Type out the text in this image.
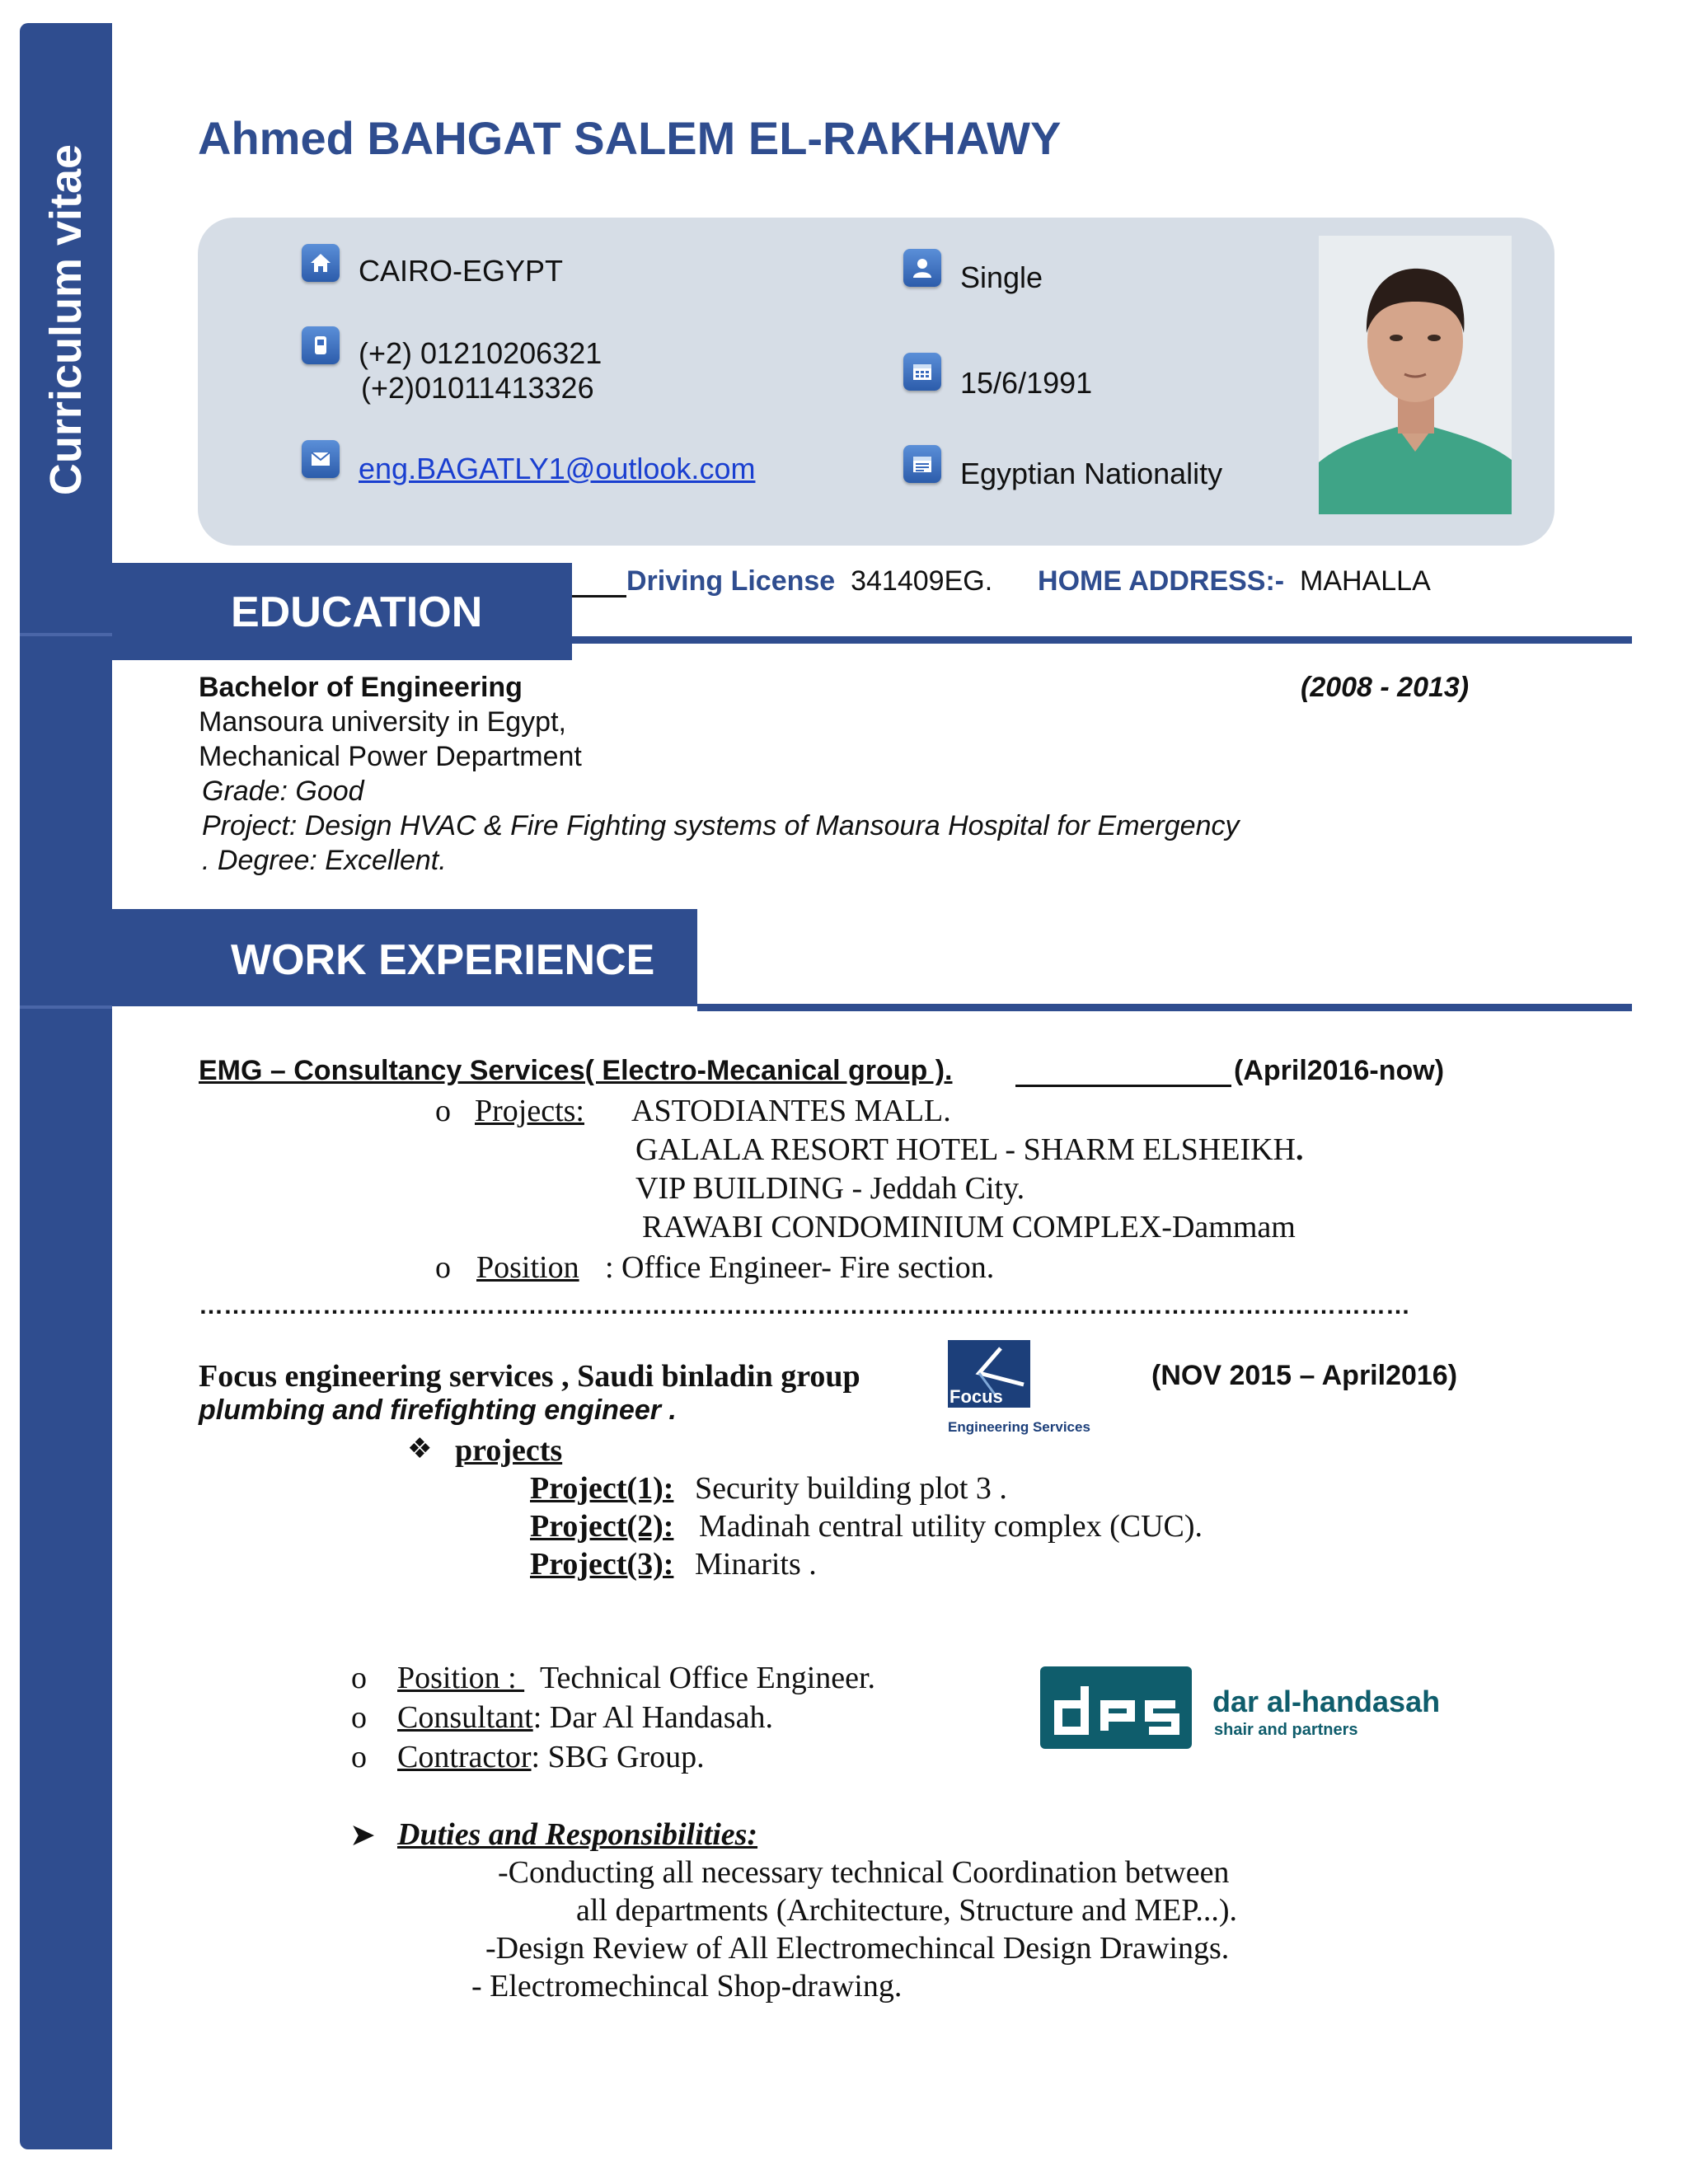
Curriculum vitae
Ahmed BAHGAT SALEM EL-RAKHAWY
CAIRO-EGYPT
(+2) 01210206321
(+2)01011413326
eng.BAGATLY1@outlook.com
Single
15/6/1991
Egyptian Nationality
EDUCATION
Driving License 341409EG. HOME ADDRESS:- MAHALLA
Bachelor of Engineering	(2008 - 2013)
Mansoura university in Egypt,
Mechanical Power Department
Grade: Good
Project: Design HVAC & Fire Fighting systems of Mansoura Hospital for Emergency
. Degree: Excellent.
WORK EXPERIENCE
EMG – Consultancy Services( Electro-Mecanical group ).	(April2016-now)
o Projects: ASTODIANTES MALL.
GALALA RESORT HOTEL - SHARM ELSHEIKH.
VIP BUILDING - Jeddah City.
RAWABI CONDOMINIUM COMPLEX-Dammam
o Position : Office Engineer- Fire section.
…………………………………………………………………………………………………………………………………
Focus engineering services , Saudi binladin group	(NOV 2015 – April2016)
plumbing and firefighting engineer .	Focus
Engineering Services
❖ projects
Project(1): Security building plot 3 .
Project(2): Madinah central utility complex (CUC).
Project(3): Minarits .
o Position : Technical Office Engineer.
o Consultant: Dar Al Handasah.
o Contractor: SBG Group.
dar al-handasah
shair and partners
➤ Duties and Responsibilities:
-Conducting all necessary technical Coordination between
all departments (Architecture, Structure and MEP...).
-Design Review of All Electromechincal Design Drawings.
- Electromechincal Shop-drawing.
